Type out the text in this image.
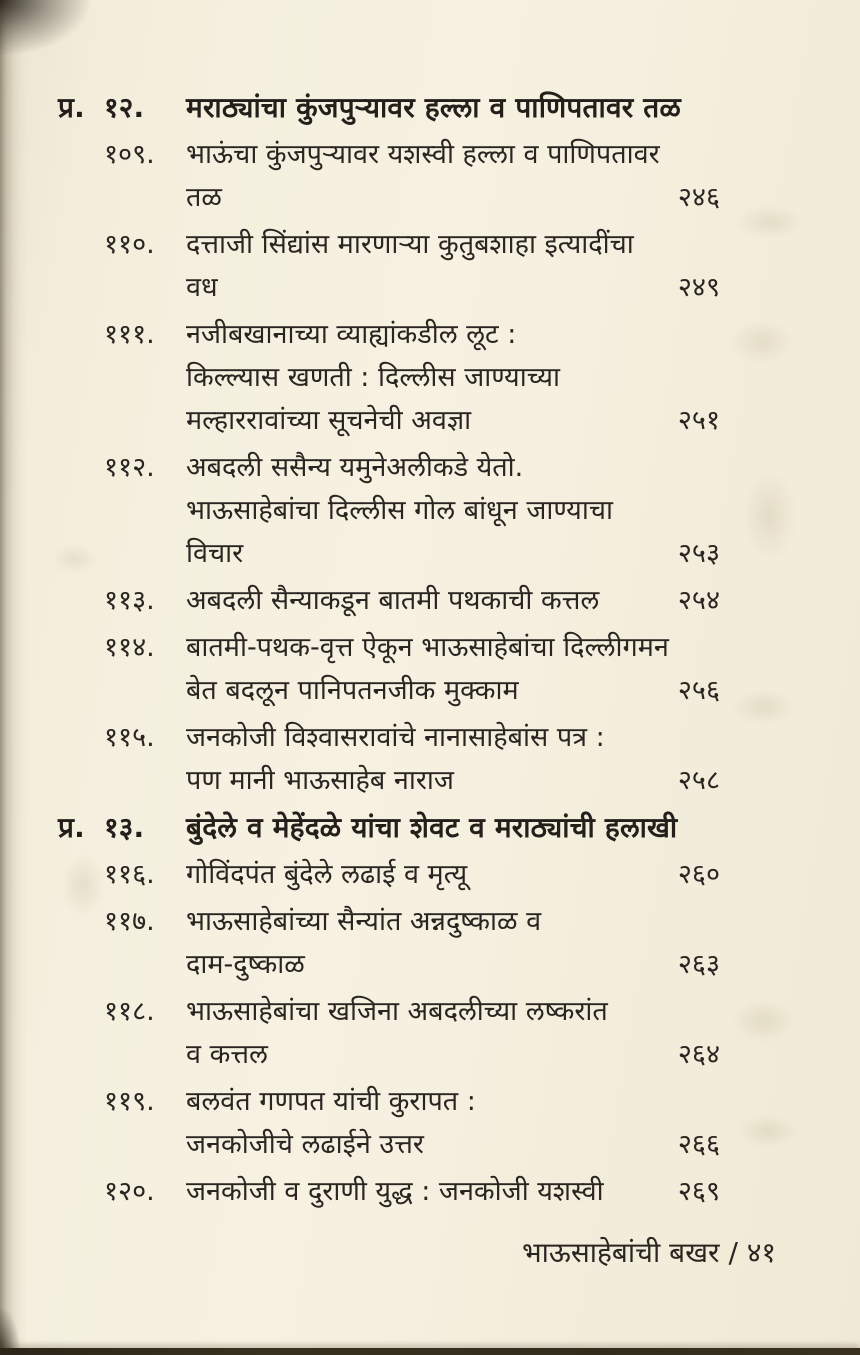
प्र. १२.	मराठ्यांचा कुंजपुऱ्यावर हल्ला व पाणिपतावर तळ
१०९.	भाऊंचा कुंजपुऱ्यावर यशस्वी हल्ला व पाणिपतावर
तळ	२४६
११०.	दत्ताजी सिंद्यांस मारणाऱ्या कुतुबशाहा इत्यादींचा
वध	२४९
१११.	नजीबखानाच्या व्याह्यांकडील लूट :
किल्ल्यास खणती : दिल्लीस जाण्याच्या
मल्हाररावांच्या सूचनेची अवज्ञा	२५१
११२.	अबदली ससैन्य यमुनेअलीकडे येतो.
भाऊसाहेबांचा दिल्लीस गोल बांधून जाण्याचा
विचार	२५३
११३.	अबदली सैन्याकडून बातमी पथकाची कत्तल	२५४
११४.	बातमी-पथक-वृत्त ऐकून भाऊसाहेबांचा दिल्लीगमन
बेत बदलून पानिपतनजीक मुक्काम	२५६
११५.	जनकोजी विश्वासरावांचे नानासाहेबांस पत्र :
पण मानी भाऊसाहेब नाराज	२५८
प्र. १३.	बुंदेले व मेहेंदळे यांचा शेवट व मराठ्यांची हलाखी
११६.	गोविंदपंत बुंदेले लढाई व मृत्यू	२६०
११७.	भाऊसाहेबांच्या सैन्यांत अन्नदुष्काळ व
दाम-दुष्काळ	२६३
११८.	भाऊसाहेबांचा खजिना अबदलीच्या लष्करांत
व कत्तल	२६४
११९.	बलवंत गणपत यांची कुरापत :
जनकोजीचे लढाईने उत्तर	२६६
१२०.	जनकोजी व दुराणी युद्ध : जनकोजी यशस्वी	२६९
भाऊसाहेबांची बखर / ४१
